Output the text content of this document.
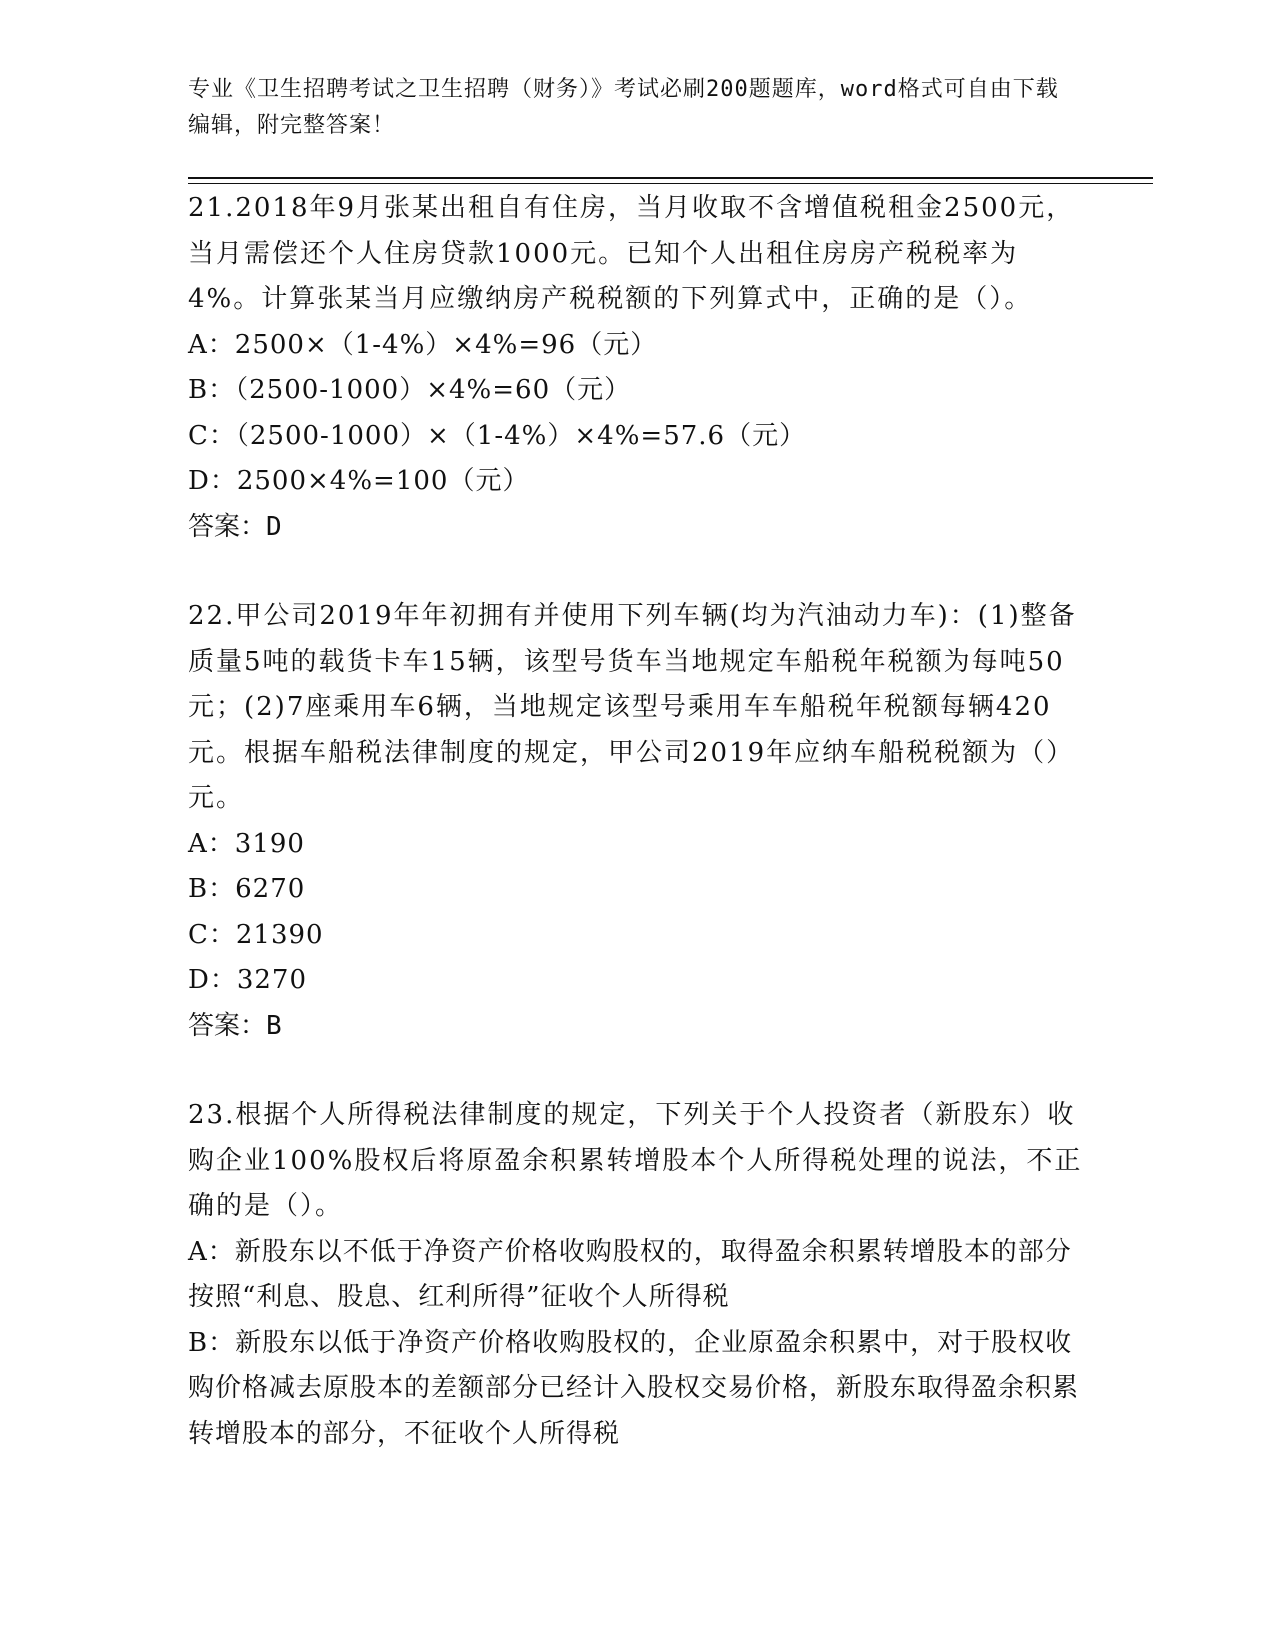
专业《卫生招聘考试之卫生招聘（财务）》考试必刷200题题库，word格式可自由下载编辑，附完整答案！
21.2018年9月张某出租自有住房，当月收取不含增值税租金2500元，当月需偿还个人住房贷款1000元。已知个人出租住房房产税税率为4%。计算张某当月应缴纳房产税税额的下列算式中，正确的是（）。
A：2500×（1-4%）×4%=96（元）
B：（2500-1000）×4%=60（元）
C：（2500-1000）×（1-4%）×4%=57.6（元）
D：2500×4%=100（元）
答案：D
22.甲公司2019年年初拥有并使用下列车辆(均为汽油动力车)：(1)整备质量5吨的载货卡车15辆，该型号货车当地规定车船税年税额为每吨50元；(2)7座乘用车6辆，当地规定该型号乘用车车船税年税额每辆420元。根据车船税法律制度的规定，甲公司2019年应纳车船税税额为（）元。
A：3190
B：6270
C：21390
D：3270
答案：B
23.根据个人所得税法律制度的规定，下列关于个人投资者（新股东）收购企业100%股权后将原盈余积累转增股本个人所得税处理的说法，不正确的是（）。
A：新股东以不低于净资产价格收购股权的，取得盈余积累转增股本的部分按照“利息、股息、红利所得”征收个人所得税
B：新股东以低于净资产价格收购股权的，企业原盈余积累中，对于股权收购价格减去原股本的差额部分已经计入股权交易价格，新股东取得盈余积累转增股本的部分，不征收个人所得税
